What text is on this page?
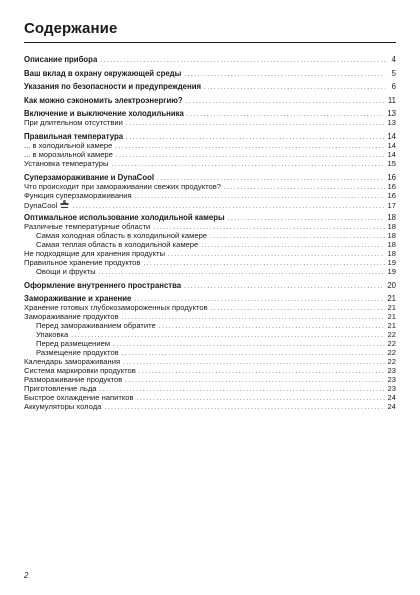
Содержание
Описание прибора . . .	4
Ваш вклад в охрану окружающей среды . . .	5
Указания по безопасности и предупреждения . . .	6
Как можно сэкономить электроэнергию? . . .	11
Включение и выключение холодильника . . .	13
При длительном отсутствии . . .	13
Правильная температура . . .	14
... в холодильной камере . . .	14
... в морозильной камере . . .	14
Установка температуры . . .	15
Суперзамораживание и DynaCool . . .	16
Что происходит при замораживании свежих продуктов? . . .	16
Функция суперзамораживания . . .	16
DynaCool . . .	17
Оптимальное использование холодильной камеры . . .	18
Различные температурные области . . .	18
Самая холодная область в холодильной камере . . .	18
Самая теплая область в холодильной камере . . .	18
Не подходящие для хранения продукты . . .	18
Правильное хранение продуктов . . .	19
Овощи и фрукты . . .	19
Оформление внутреннего пространства . . .	20
Замораживание и хранение . . .	21
Хранение готовых глубокозамороженных продуктов . . .	21
Замораживание продуктов . . .	21
Перед замораживанием обратите . . .	21
Упаковка . . .	22
Перед размещением . . .	22
Размещение продуктов . . .	22
Календарь замораживания . . .	22
Система маркировки продуктов . . .	23
Размораживание продуктов . . .	23
Приготовление льда . . .	23
Быстрое охлаждение напитков . . .	24
Аккумуляторы холода . . .	24
2
